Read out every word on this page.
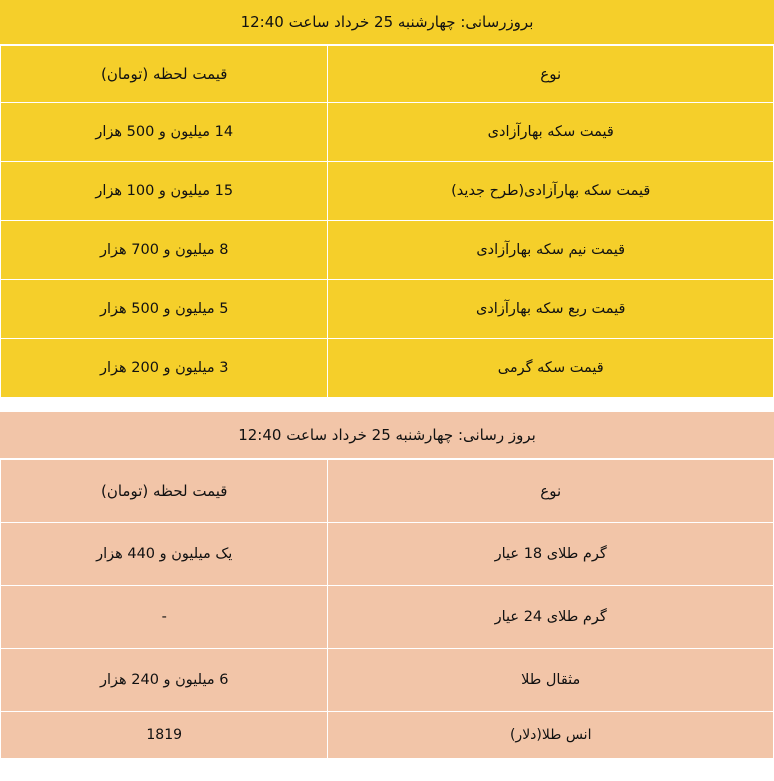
بروزرسانی: چهارشنبه 25 خرداد ساعت 12:40	
نوع	قیمت لحظه (تومان)
قیمت سکه بهارآزادی	14 میلیون و 500 هزار
قیمت سکه بهارآزادی(طرح جدید)	15 میلیون و 100 هزار
قیمت نیم سکه بهارآزادی	8 میلیون و 700 هزار
قیمت ربع سکه بهارآزادی	5 میلیون و 500 هزار
قیمت سکه گرمی	3 میلیون و 200 هزار
بروز رسانی: چهارشنبه 25 خرداد ساعت 12:40	
نوع	قیمت لحظه (تومان)
گرم طلای 18 عیار	یک میلیون و 440 هزار
گرم طلای 24 عیار	-
مثقال طلا	6 میلیون و 240 هزار
انس طلا(دلار)	1819
